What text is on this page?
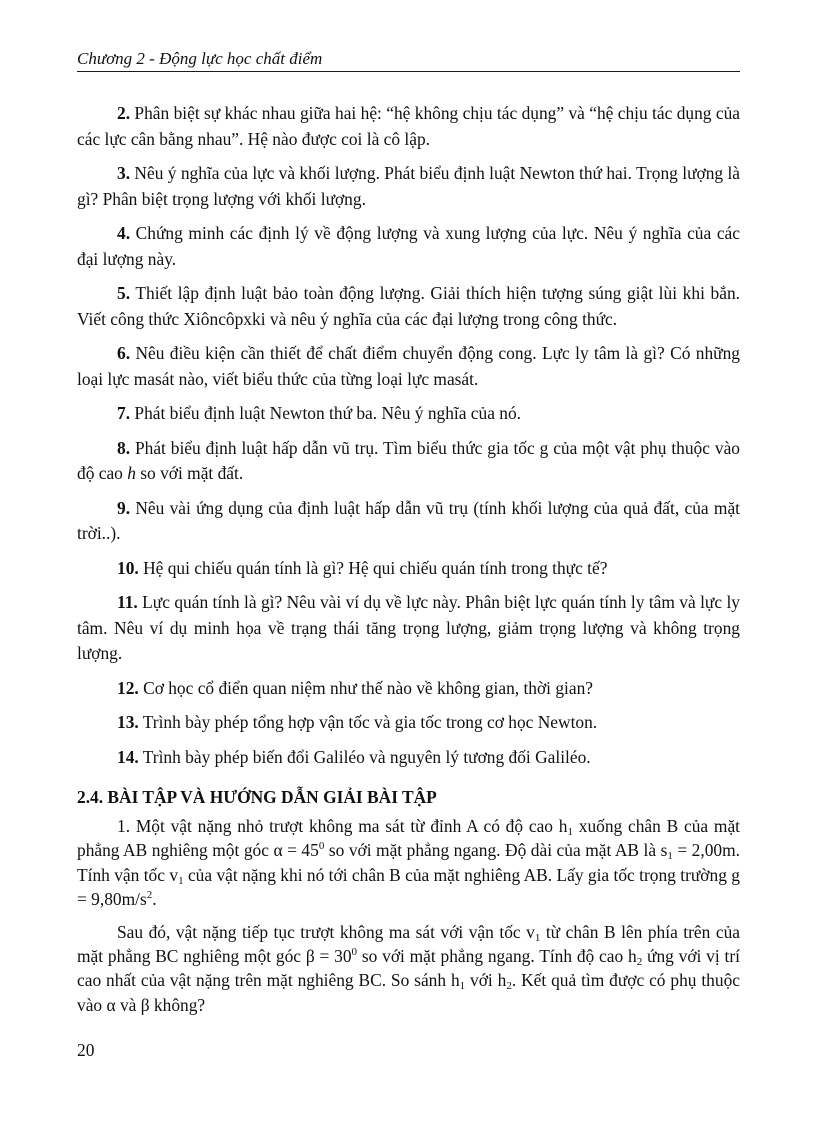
Chương 2 - Động lực học chất điểm

2. Phân biệt sự khác nhau giữa hai hệ: “hệ không chịu tác dụng” và “hệ chịu tác dụng của các lực cân bằng nhau”. Hệ nào được coi là cô lập.

3. Nêu ý nghĩa của lực và khối lượng. Phát biểu định luật Newton thứ hai. Trọng lượng là gì? Phân biệt trọng lượng với khối lượng.

4. Chứng minh các định lý về động lượng và xung lượng của lực. Nêu ý nghĩa của các đại lượng này.

5. Thiết lập định luật bảo toàn động lượng. Giải thích hiện tượng súng giật lùi khi bắn. Viết công thức Xiôncôpxki và nêu ý nghĩa của các đại lượng trong công thức.

6. Nêu điều kiện cần thiết để chất điểm chuyển động cong. Lực ly tâm là gì? Có những loại lực masát nào, viết biểu thức của từng loại lực masát.

7. Phát biểu định luật Newton thứ ba. Nêu ý nghĩa của nó.

8. Phát biểu định luật hấp dẫn vũ trụ. Tìm biểu thức gia tốc g của một vật phụ thuộc vào độ cao h so với mặt đất.

9. Nêu vài ứng dụng của định luật hấp dẫn vũ trụ (tính khối lượng của quả đất, của mặt trời..).

10. Hệ qui chiếu quán tính là gì? Hệ qui chiếu quán tính trong thực tế?

11. Lực quán tính là gì? Nêu vài ví dụ về lực này. Phân biệt lực quán tính ly tâm và lực ly tâm. Nêu ví dụ minh họa về trạng thái tăng trọng lượng, giảm trọng lượng và không trọng lượng.

12. Cơ học cổ điển quan niệm như thế nào về không gian, thời gian?

13. Trình bày phép tổng hợp vận tốc và gia tốc trong cơ học Newton.

14. Trình bày phép biến đổi Galiléo và nguyên lý tương đối Galiléo.

2.4. BÀI TẬP VÀ HƯỚNG DẪN GIẢI BÀI TẬP

1. Một vật nặng nhỏ trượt không ma sát từ đỉnh A có độ cao $h_1$ xuống chân B của mặt phẳng AB nghiêng một góc $\alpha = 45^0$ so với mặt phẳng ngang. Độ dài của mặt AB là $s_1 = 2,00m$. Tính vận tốc $v_1$ của vật nặng khi nó tới chân B của mặt nghiêng AB. Lấy gia tốc trọng trường $g = 9,80m/s^2$.

Sau đó, vật nặng tiếp tục trượt không ma sát với vận tốc $v_1$ từ chân B lên phía trên của mặt phẳng BC nghiêng một góc $\beta = 30^0$ so với mặt phẳng ngang. Tính độ cao $h_2$ ứng với vị trí cao nhất của vật nặng trên mặt nghiêng BC. So sánh $h_1$ với $h_2$. Kết quả tìm được có phụ thuộc vào α và β không?

20
